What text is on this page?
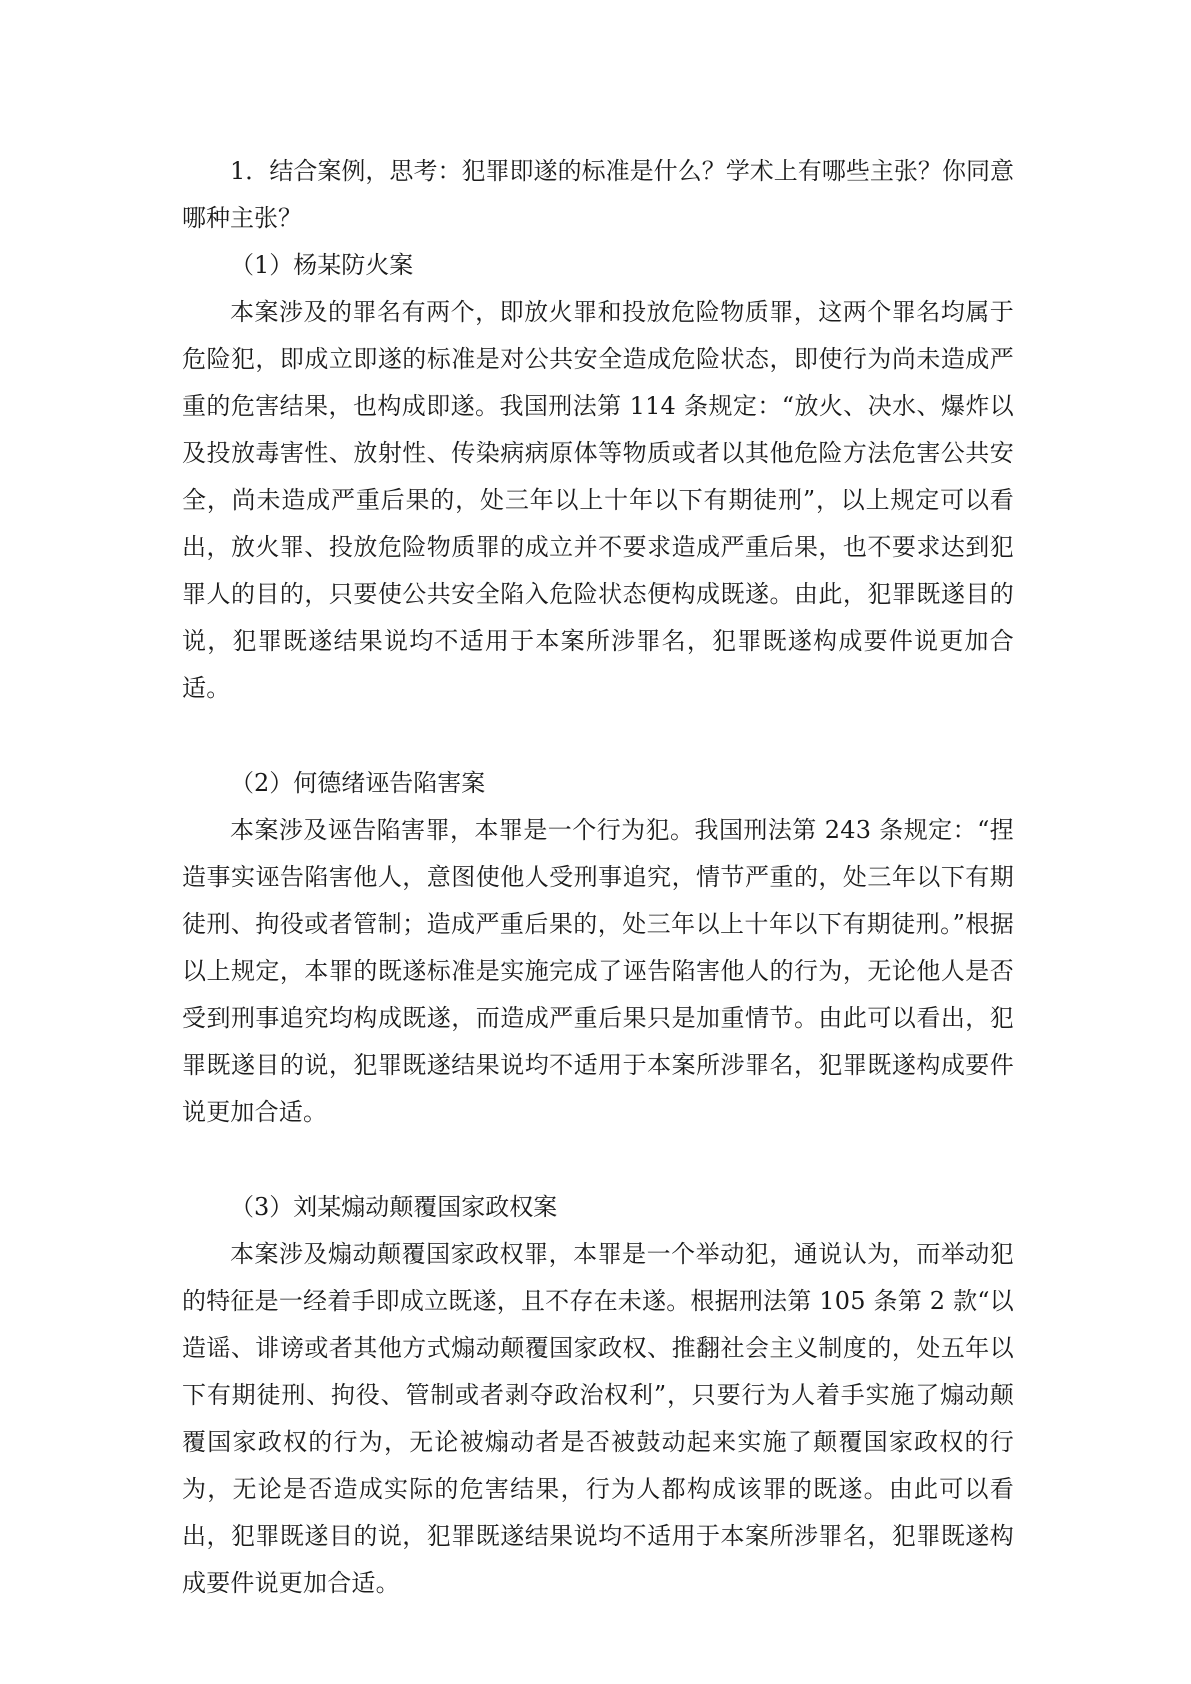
1．结合案例，思考：犯罪即遂的标准是什么？学术上有哪些主张？你同意哪种主张？

（1）杨某防火案

本案涉及的罪名有两个，即放火罪和投放危险物质罪，这两个罪名均属于危险犯，即成立即遂的标准是对公共安全造成危险状态，即使行为尚未造成严重的危害结果，也构成即遂。我国刑法第 114 条规定：“放火、决水、爆炸以及投放毒害性、放射性、传染病病原体等物质或者以其他危险方法危害公共安全，尚未造成严重后果的，处三年以上十年以下有期徒刑”，以上规定可以看出，放火罪、投放危险物质罪的成立并不要求造成严重后果，也不要求达到犯罪人的目的，只要使公共安全陷入危险状态便构成既遂。由此，犯罪既遂目的说，犯罪既遂结果说均不适用于本案所涉罪名，犯罪既遂构成要件说更加合适。

（2）何德绪诬告陷害案

本案涉及诬告陷害罪，本罪是一个行为犯。我国刑法第 243 条规定：“捏造事实诬告陷害他人，意图使他人受刑事追究，情节严重的，处三年以下有期徒刑、拘役或者管制；造成严重后果的，处三年以上十年以下有期徒刑。”根据以上规定，本罪的既遂标准是实施完成了诬告陷害他人的行为，无论他人是否受到刑事追究均构成既遂，而造成严重后果只是加重情节。由此可以看出，犯罪既遂目的说，犯罪既遂结果说均不适用于本案所涉罪名，犯罪既遂构成要件说更加合适。

（3）刘某煽动颠覆国家政权案

本案涉及煽动颠覆国家政权罪，本罪是一个举动犯，通说认为，而举动犯的特征是一经着手即成立既遂，且不存在未遂。根据刑法第 105 条第 2 款“以造谣、诽谤或者其他方式煽动颠覆国家政权、推翻社会主义制度的，处五年以下有期徒刑、拘役、管制或者剥夺政治权利”，只要行为人着手实施了煽动颠覆国家政权的行为，无论被煽动者是否被鼓动起来实施了颠覆国家政权的行为，无论是否造成实际的危害结果，行为人都构成该罪的既遂。由此可以看出，犯罪既遂目的说，犯罪既遂结果说均不适用于本案所涉罪名，犯罪既遂构成要件说更加合适。
